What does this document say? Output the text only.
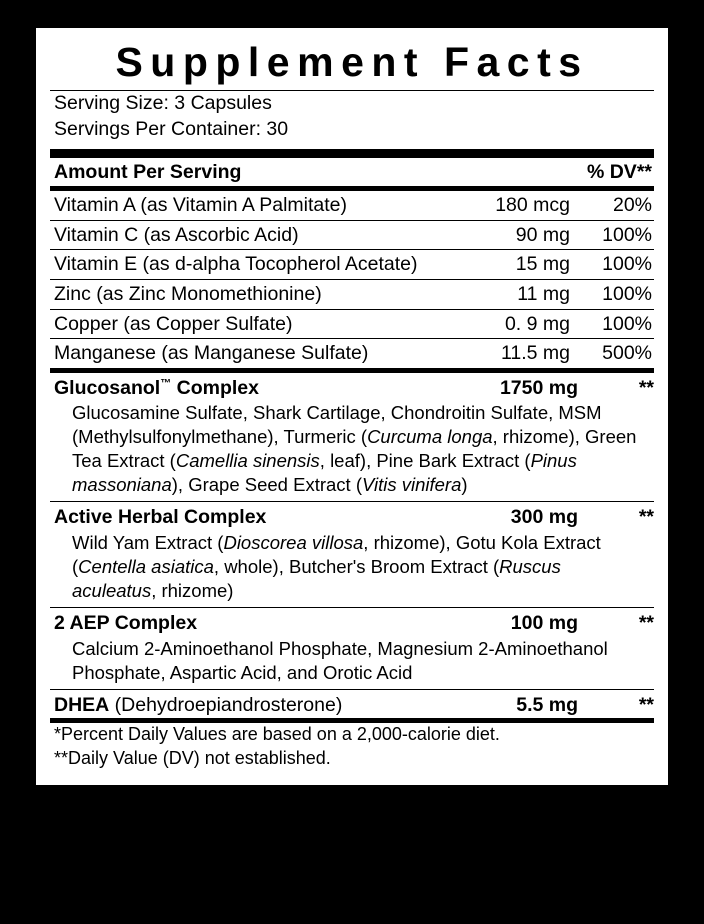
Supplement Facts
Serving Size: 3 Capsules
Servings Per Container: 30
Amount Per Serving	% DV**
Vitamin A (as Vitamin A Palmitate)	180 mcg	20%
Vitamin C (as Ascorbic Acid)	90 mg	100%
Vitamin E (as d-alpha Tocopherol Acetate)	15 mg	100%
Zinc (as Zinc Monomethionine)	11 mg	100%
Copper (as Copper Sulfate)	0. 9 mg	100%
Manganese (as Manganese Sulfate)	11.5 mg	500%
Glucosanol™ Complex	1750 mg	**
Glucosamine Sulfate, Shark Cartilage, Chondroitin Sulfate, MSM (Methylsulfonylmethane), Turmeric (Curcuma longa, rhizome), Green Tea Extract (Camellia sinensis, leaf), Pine Bark Extract (Pinus massoniana), Grape Seed Extract (Vitis vinifera)
Active Herbal Complex	300 mg	**
Wild Yam Extract (Dioscorea villosa, rhizome), Gotu Kola Extract (Centella asiatica, whole), Butcher's Broom Extract (Ruscus aculeatus, rhizome)
2 AEP Complex	100 mg	**
Calcium 2-Aminoethanol Phosphate, Magnesium 2-Aminoethanol Phosphate, Aspartic Acid, and Orotic Acid
DHEA (Dehydroepiandrosterone)	5.5 mg	**
*Percent Daily Values are based on a 2,000-calorie diet.
**Daily Value (DV) not established.
